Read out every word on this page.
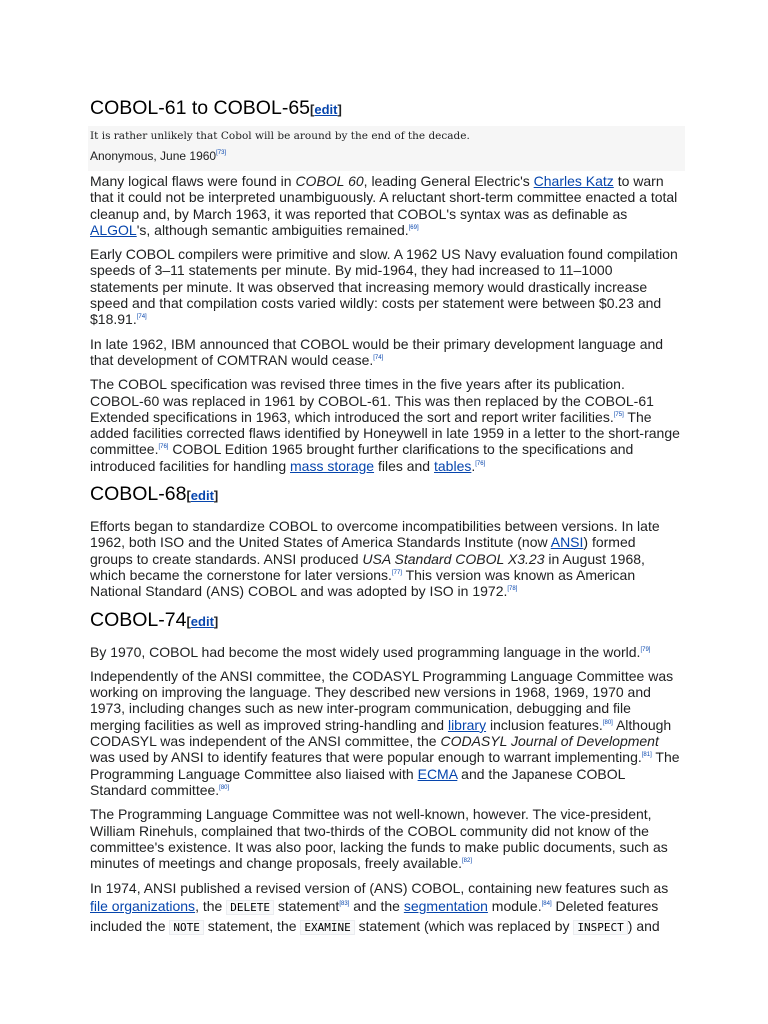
COBOL-61 to COBOL-65[edit]
It is rather unlikely that Cobol will be around by the end of the decade.
Anonymous, June 1960[73]

Many logical flaws were found in COBOL 60, leading General Electric's Charles Katz to warn that it could not be interpreted unambiguously. A reluctant short-term committee enacted a total cleanup and, by March 1963, it was reported that COBOL's syntax was as definable as ALGOL's, although semantic ambiguities remained.[69]

Early COBOL compilers were primitive and slow. A 1962 US Navy evaluation found compilation speeds of 3–11 statements per minute. By mid-1964, they had increased to 11–1000 statements per minute. It was observed that increasing memory would drastically increase speed and that compilation costs varied wildly: costs per statement were between $0.23 and $18.91.[74]

In late 1962, IBM announced that COBOL would be their primary development language and that development of COMTRAN would cease.[74]

The COBOL specification was revised three times in the five years after its publication. COBOL-60 was replaced in 1961 by COBOL-61. This was then replaced by the COBOL-61 Extended specifications in 1963, which introduced the sort and report writer facilities.[75] The added facilities corrected flaws identified by Honeywell in late 1959 in a letter to the short-range committee.[76] COBOL Edition 1965 brought further clarifications to the specifications and introduced facilities for handling mass storage files and tables.[76]

COBOL-68[edit]

Efforts began to standardize COBOL to overcome incompatibilities between versions. In late 1962, both ISO and the United States of America Standards Institute (now ANSI) formed groups to create standards. ANSI produced USA Standard COBOL X3.23 in August 1968, which became the cornerstone for later versions.[77] This version was known as American National Standard (ANS) COBOL and was adopted by ISO in 1972.[78]

COBOL-74[edit]

By 1970, COBOL had become the most widely used programming language in the world.[79]

Independently of the ANSI committee, the CODASYL Programming Language Committee was working on improving the language. They described new versions in 1968, 1969, 1970 and 1973, including changes such as new inter-program communication, debugging and file merging facilities as well as improved string-handling and library inclusion features.[80] Although CODASYL was independent of the ANSI committee, the CODASYL Journal of Development was used by ANSI to identify features that were popular enough to warrant implementing.[81] The Programming Language Committee also liaised with ECMA and the Japanese COBOL Standard committee.[80]

The Programming Language Committee was not well-known, however. The vice-president, William Rinehuls, complained that two-thirds of the COBOL community did not know of the committee's existence. It was also poor, lacking the funds to make public documents, such as minutes of meetings and change proposals, freely available.[82]

In 1974, ANSI published a revised version of (ANS) COBOL, containing new features such as file organizations, the DELETE statement[83] and the segmentation module.[84] Deleted features included the NOTE statement, the EXAMINE statement (which was replaced by INSPECT ) and
